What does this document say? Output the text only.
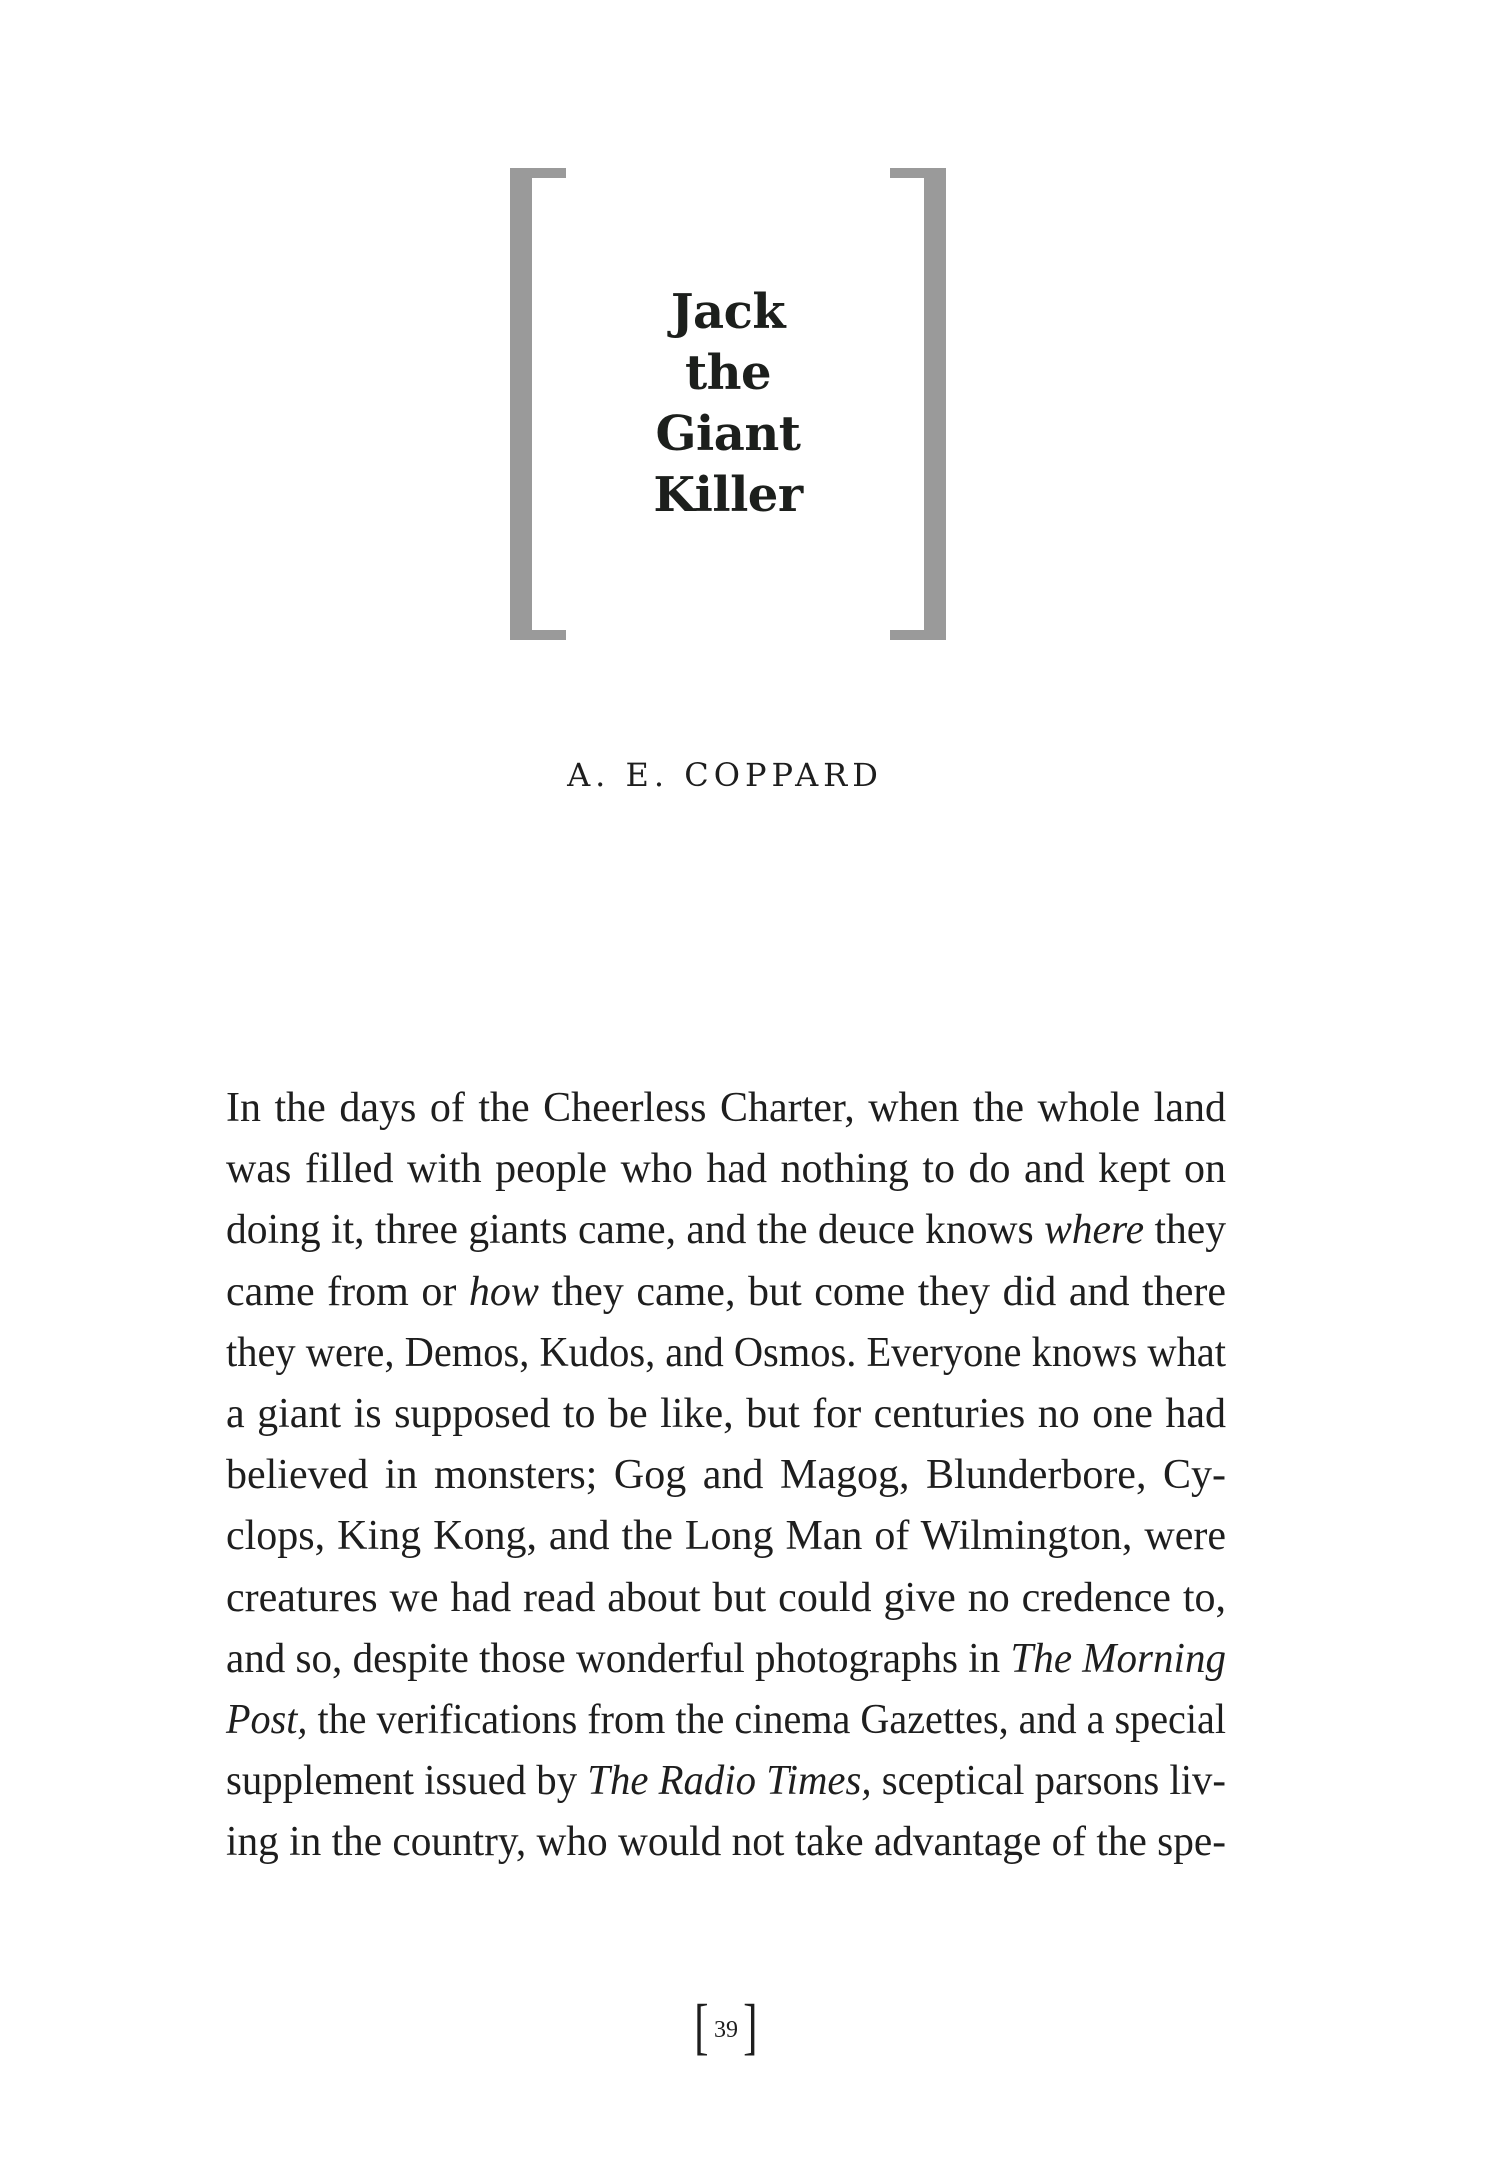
Jack
the
Giant
Killer
A. E. COPPARD
In the days of the Cheerless Charter, when the whole land
was filled with people who had nothing to do and kept on
doing it, three giants came, and the deuce knows where they
came from or how they came, but come they did and there
they were, Demos, Kudos, and Osmos. Everyone knows what
a giant is supposed to be like, but for centuries no one had
believed in monsters; Gog and Magog, Blunderbore, Cy-
clops, King Kong, and the Long Man of Wilmington, were
creatures we had read about but could give no credence to,
and so, despite those wonderful photographs in The Morning
Post, the verifications from the cinema Gazettes, and a special
supplement issued by The Radio Times, sceptical parsons liv-
ing in the country, who would not take advantage of the spe-
[ 39 ]
